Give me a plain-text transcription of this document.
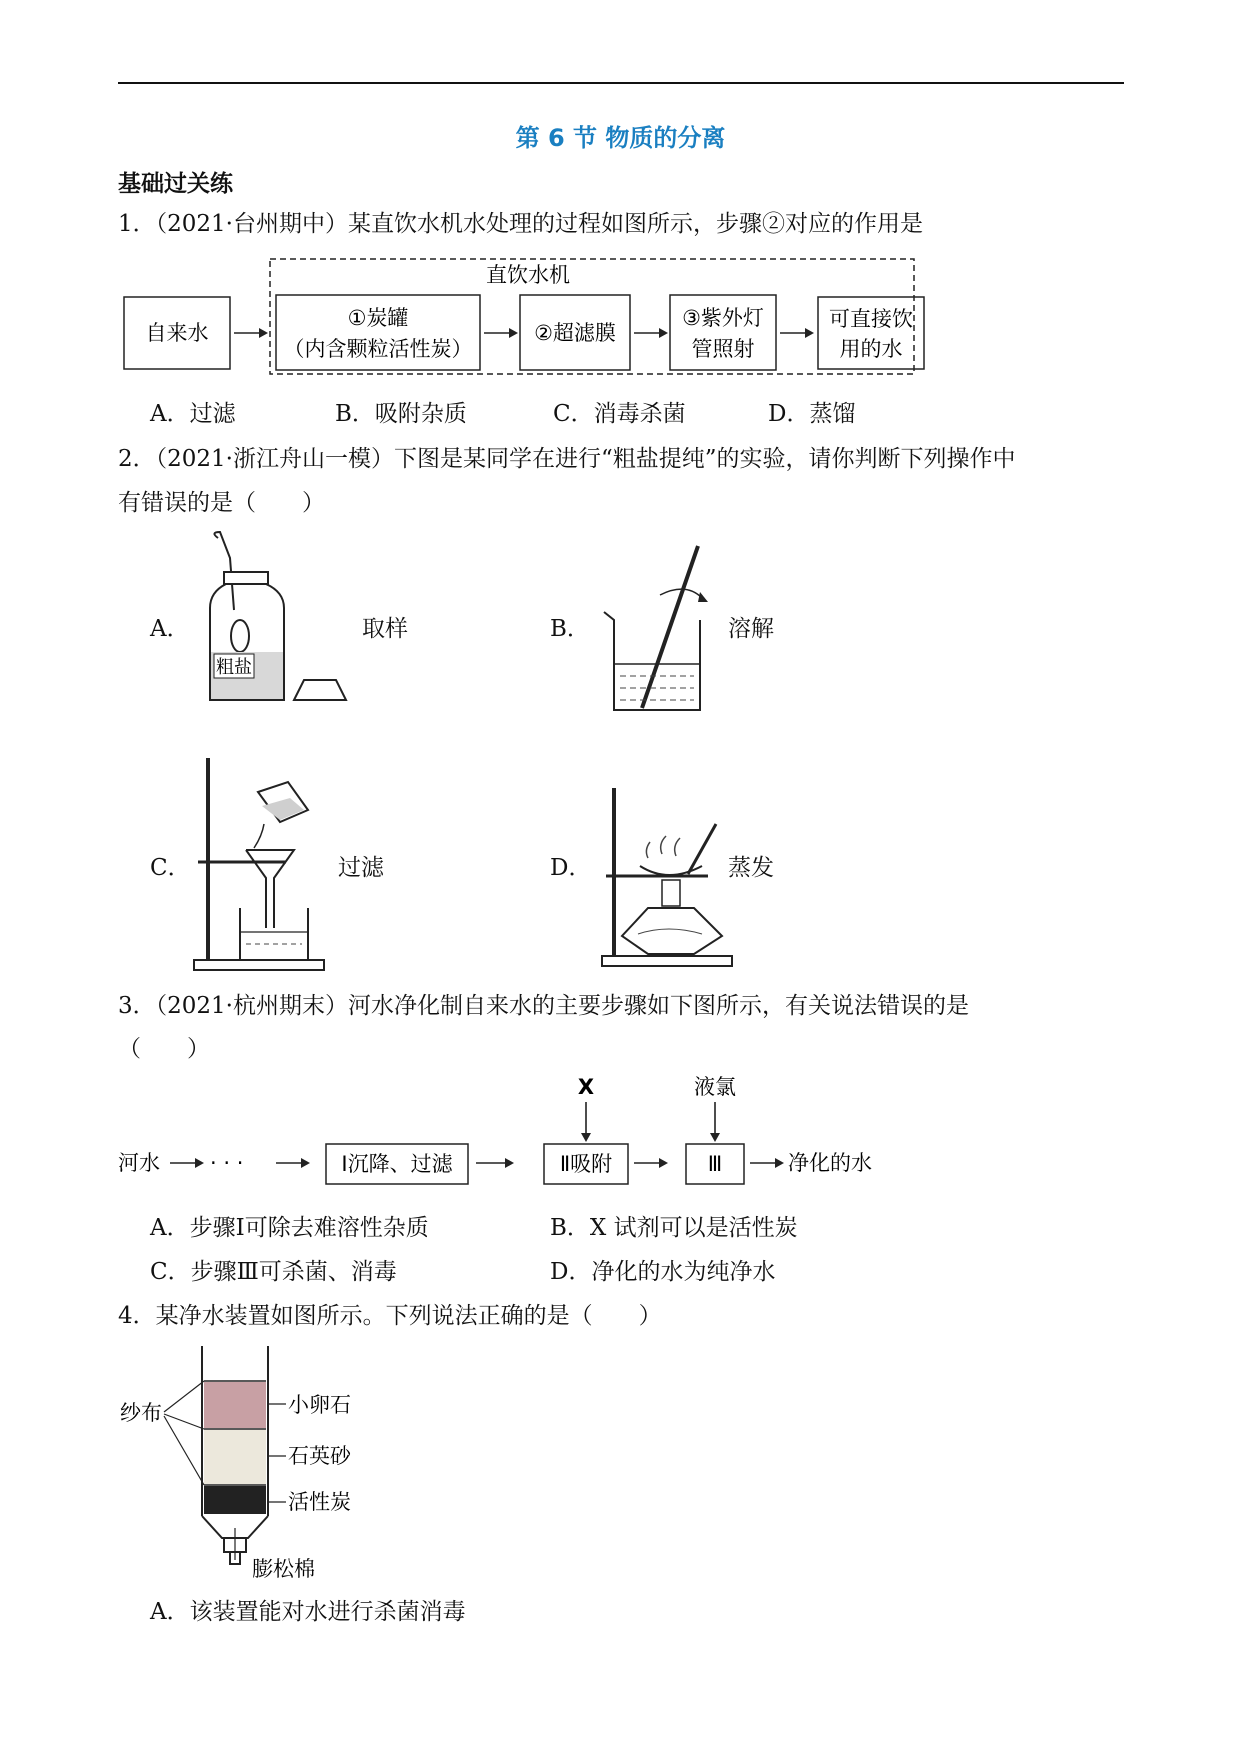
第 6 节 物质的分离
基础过关练
1．（2021·台州期中）某直饮水机水处理的过程如图所示，步骤②对应的作用是
直饮水机
自来水
①炭罐
（内含颗粒活性炭）
②超滤膜
③紫外灯
管照射
可直接饮
用的水
A．过滤	B．吸附杂质	C．消毒杀菌	D．蒸馏
2．（2021·浙江舟山一模）下图是某同学在进行“粗盐提纯”的实验，请你判断下列操作中
有错误的是（　　）
A．
粗盐
取样	B．	溶解
C．	过滤	D．	蒸发
3．（2021·杭州期末）河水净化制自来水的主要步骤如下图所示，有关说法错误的是
（　　）
河水 · · ·	Ⅰ沉降、过滤	Ⅱ吸附
X
Ⅲ
液氯
净化的水
A．步骤Ⅰ可除去难溶性杂质	B．X 试剂可以是活性炭
C．步骤Ⅲ可杀菌、消毒	D．净化的水为纯净水
4．某净水装置如图所示。下列说法正确的是（　　）
纱布	小卵石
石英砂
活性炭
膨松棉
A．该装置能对水进行杀菌消毒
